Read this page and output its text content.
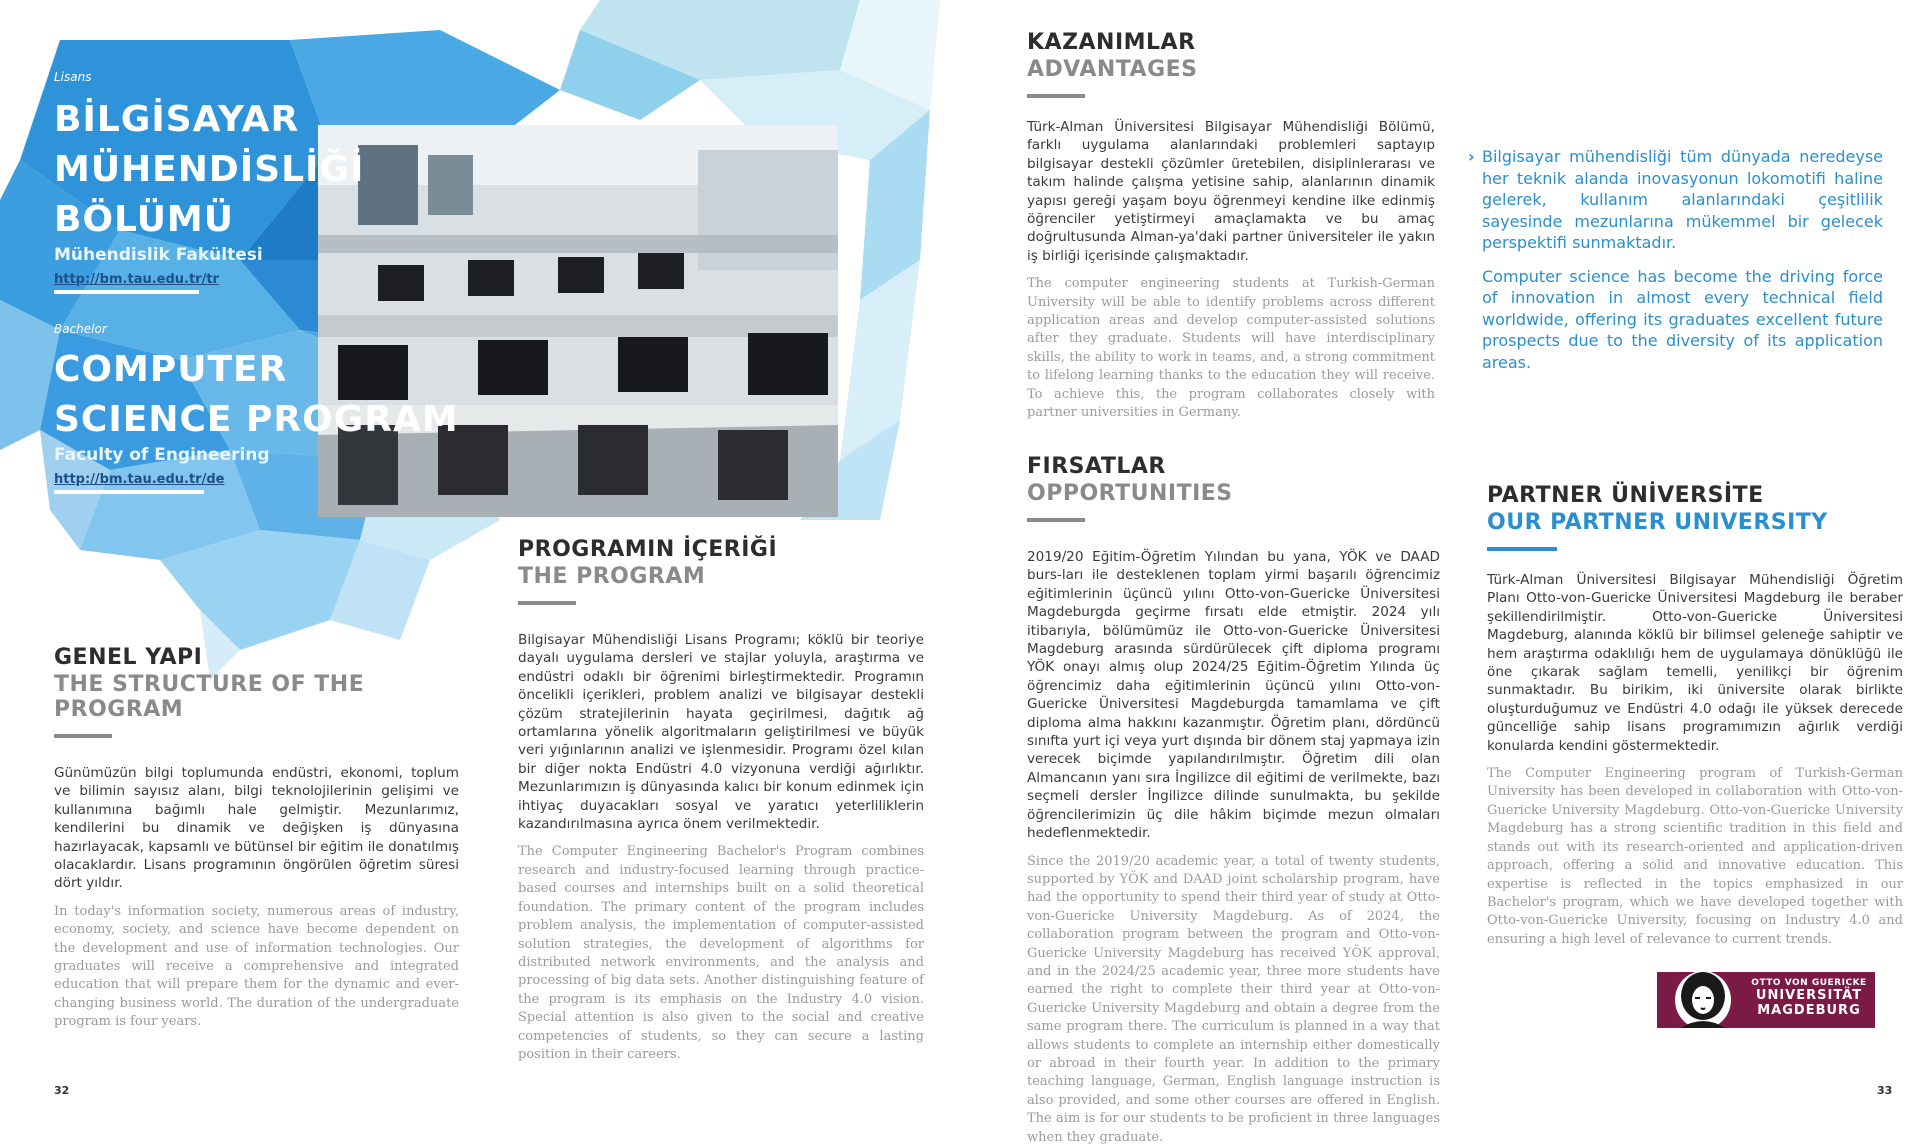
Lisans
BİLGİSAYAR
MÜHENDİSLİĞİ
BÖLÜMÜ
Mühendislik Fakültesi
http://bm.tau.edu.tr/tr
Bachelor
COMPUTER
SCIENCE PROGRAM
Faculty of Engineering
http://bm.tau.edu.tr/de
GENEL YAPI
THE STRUCTURE OF THE PROGRAM

Günümüzün bilgi toplumunda endüstri, ekonomi, toplum ve bilimin sayısız alanı, bilgi teknolojilerinin gelişimi ve kullanımına bağımlı hale gelmiştir. Mezunlarımız, kendilerini bu dinamik ve değişken iş dünyasına hazırlayacak, kapsamlı ve bütünsel bir eğitim ile donatılmış olacaklardır. Lisans programının öngörülen öğretim süresi dört yıldır.

In today's information society, numerous areas of industry, economy, society, and science have become dependent on the development and use of information technologies. Our graduates will receive a comprehensive and integrated education that will prepare them for the dynamic and ever-changing business world. The duration of the undergraduate program is four years.

PROGRAMIN İÇERİĞİ
THE PROGRAM

Bilgisayar Mühendisliği Lisans Programı; köklü bir teoriye dayalı uygulama dersleri ve stajlar yoluyla, araştırma ve endüstri odaklı bir öğrenimi birleştirmektedir. Programın öncelikli içerikleri, problem analizi ve bilgisayar destekli çözüm stratejilerinin hayata geçirilmesi, dağıtık ağ ortamlarına yönelik algoritmaların geliştirilmesi ve büyük veri yığınlarının analizi ve işlenmesidir. Programı özel kılan bir diğer nokta Endüstri 4.0 vizyonuna verdiği ağırlıktır. Mezunlarımızın iş dünyasında kalıcı bir konum edinmek için ihtiyaç duyacakları sosyal ve yaratıcı yeterliliklerin kazandırılmasına ayrıca önem verilmektedir.

The Computer Engineering Bachelor's Program combines research and industry-focused learning through practice-based courses and internships built on a solid theoretical foundation. The primary content of the program includes problem analysis, the implementation of computer-assisted solution strategies, the development of algorithms for distributed network environments, and the analysis and processing of big data sets. Another distinguishing feature of the program is its emphasis on the Industry 4.0 vision. Special attention is also given to the social and creative competencies of students, so they can secure a lasting position in their careers.

32
KAZANIMLAR
ADVANTAGES

Türk-Alman Üniversitesi Bilgisayar Mühendisliği Bölümü, farklı uygulama alanlarındaki problemleri saptayıp bilgisayar destekli çözümler üretebilen, disiplinlerarası ve takım halinde çalışma yetisine sahip, alanlarının dinamik yapısı gereği yaşam boyu öğrenmeyi kendine ilke edinmiş öğrenciler yetiştirmeyi amaçlamakta ve bu amaç doğrultusunda Alman-ya'daki partner üniversiteler ile yakın iş birliği içerisinde çalışmaktadır.

The computer engineering students at Turkish-German University will be able to identify problems across different application areas and develop computer-assisted solutions after they graduate. Students will have interdisciplinary skills, the ability to work in teams, and, a strong commitment to lifelong learning thanks to the education they will receive. To achieve this, the program collaborates closely with partner universities in Germany.

› Bilgisayar mühendisliği tüm dünyada neredeyse her teknik alanda inovasyonun lokomotifi haline gelerek, kullanım alanlarındaki çeşitlilik sayesinde mezunlarına mükemmel bir gelecek perspektifi sunmaktadır.

Computer science has become the driving force of innovation in almost every technical field worldwide, offering its graduates excellent future prospects due to the diversity of its application areas.

FIRSATLAR
OPPORTUNITIES

2019/20 Eğitim-Öğretim Yılından bu yana, YÖK ve DAAD burs-ları ile desteklenen toplam yirmi başarılı öğrencimiz eğitimlerinin üçüncü yılını Otto-von-Guericke Üniversitesi Magdeburgda geçirme fırsatı elde etmiştir. 2024 yılı itibarıyla, bölümümüz ile Otto-von-Guericke Üniversitesi Magdeburg arasında sürdürülecek çift diploma programı YÖK onayı almış olup 2024/25 Eğitim-Öğretim Yılında üç öğrencimiz daha eğitimlerinin üçüncü yılını Otto-von-Guericke Üniversitesi Magdeburgda tamamlama ve çift diploma alma hakkını kazanmıştır. Öğretim planı, dördüncü sınıfta yurt içi veya yurt dışında bir dönem staj yapmaya izin verecek biçimde yapılandırılmıştır. Öğretim dili olan Almancanın yanı sıra İngilizce dil eğitimi de verilmekte, bazı seçmeli dersler İngilizce dilinde sunulmakta, bu şekilde öğrencilerimizin üç dile hâkim biçimde mezun olmaları hedeflenmektedir.

Since the 2019/20 academic year, a total of twenty students, supported by YÖK and DAAD joint scholarship program, have had the opportunity to spend their third year of study at Otto-von-Guericke University Magdeburg. As of 2024, the collaboration program between the program and Otto-von-Guericke University Magdeburg has received YÖK approval, and in the 2024/25 academic year, three more students have earned the right to complete their third year at Otto-von-Guericke University Magdeburg and obtain a degree from the same program there. The curriculum is planned in a way that allows students to complete an internship either domestically or abroad in their fourth year. In addition to the primary teaching language, German, English language instruction is also provided, and some other courses are offered in English. The aim is for our students to be proficient in three languages when they graduate.

PARTNER ÜNİVERSİTE
OUR PARTNER UNIVERSITY

Türk-Alman Üniversitesi Bilgisayar Mühendisliği Öğretim Planı Otto-von-Guericke Üniversitesi Magdeburg ile beraber şekillendirilmiştir. Otto-von-Guericke Üniversitesi Magdeburg, alanında köklü bir bilimsel geleneğe sahiptir ve hem araştırma odaklılığı hem de uygulamaya dönüklüğü ile öne çıkarak sağlam temelli, yenilikçi bir öğrenim sunmaktadır. Bu birikim, iki üniversite olarak birlikte oluşturduğumuz ve Endüstri 4.0 odağı ile yüksek derecede güncelliğe sahip lisans programımızın ağırlık verdiği konularda kendini göstermektedir.

The Computer Engineering program of Turkish-German University has been developed in collaboration with Otto-von-Guericke University Magdeburg. Otto-von-Guericke University Magdeburg has a strong scientific tradition in this field and stands out with its research-oriented and application-driven approach, offering a solid and innovative education. This expertise is reflected in the topics emphasized in our Bachelor's program, which we have developed together with Otto-von-Guericke University, focusing on Industry 4.0 and ensuring a high level of relevance to current trends.

OTTO VON GUERICKE
UNIVERSITÄT
MAGDEBURG
33
